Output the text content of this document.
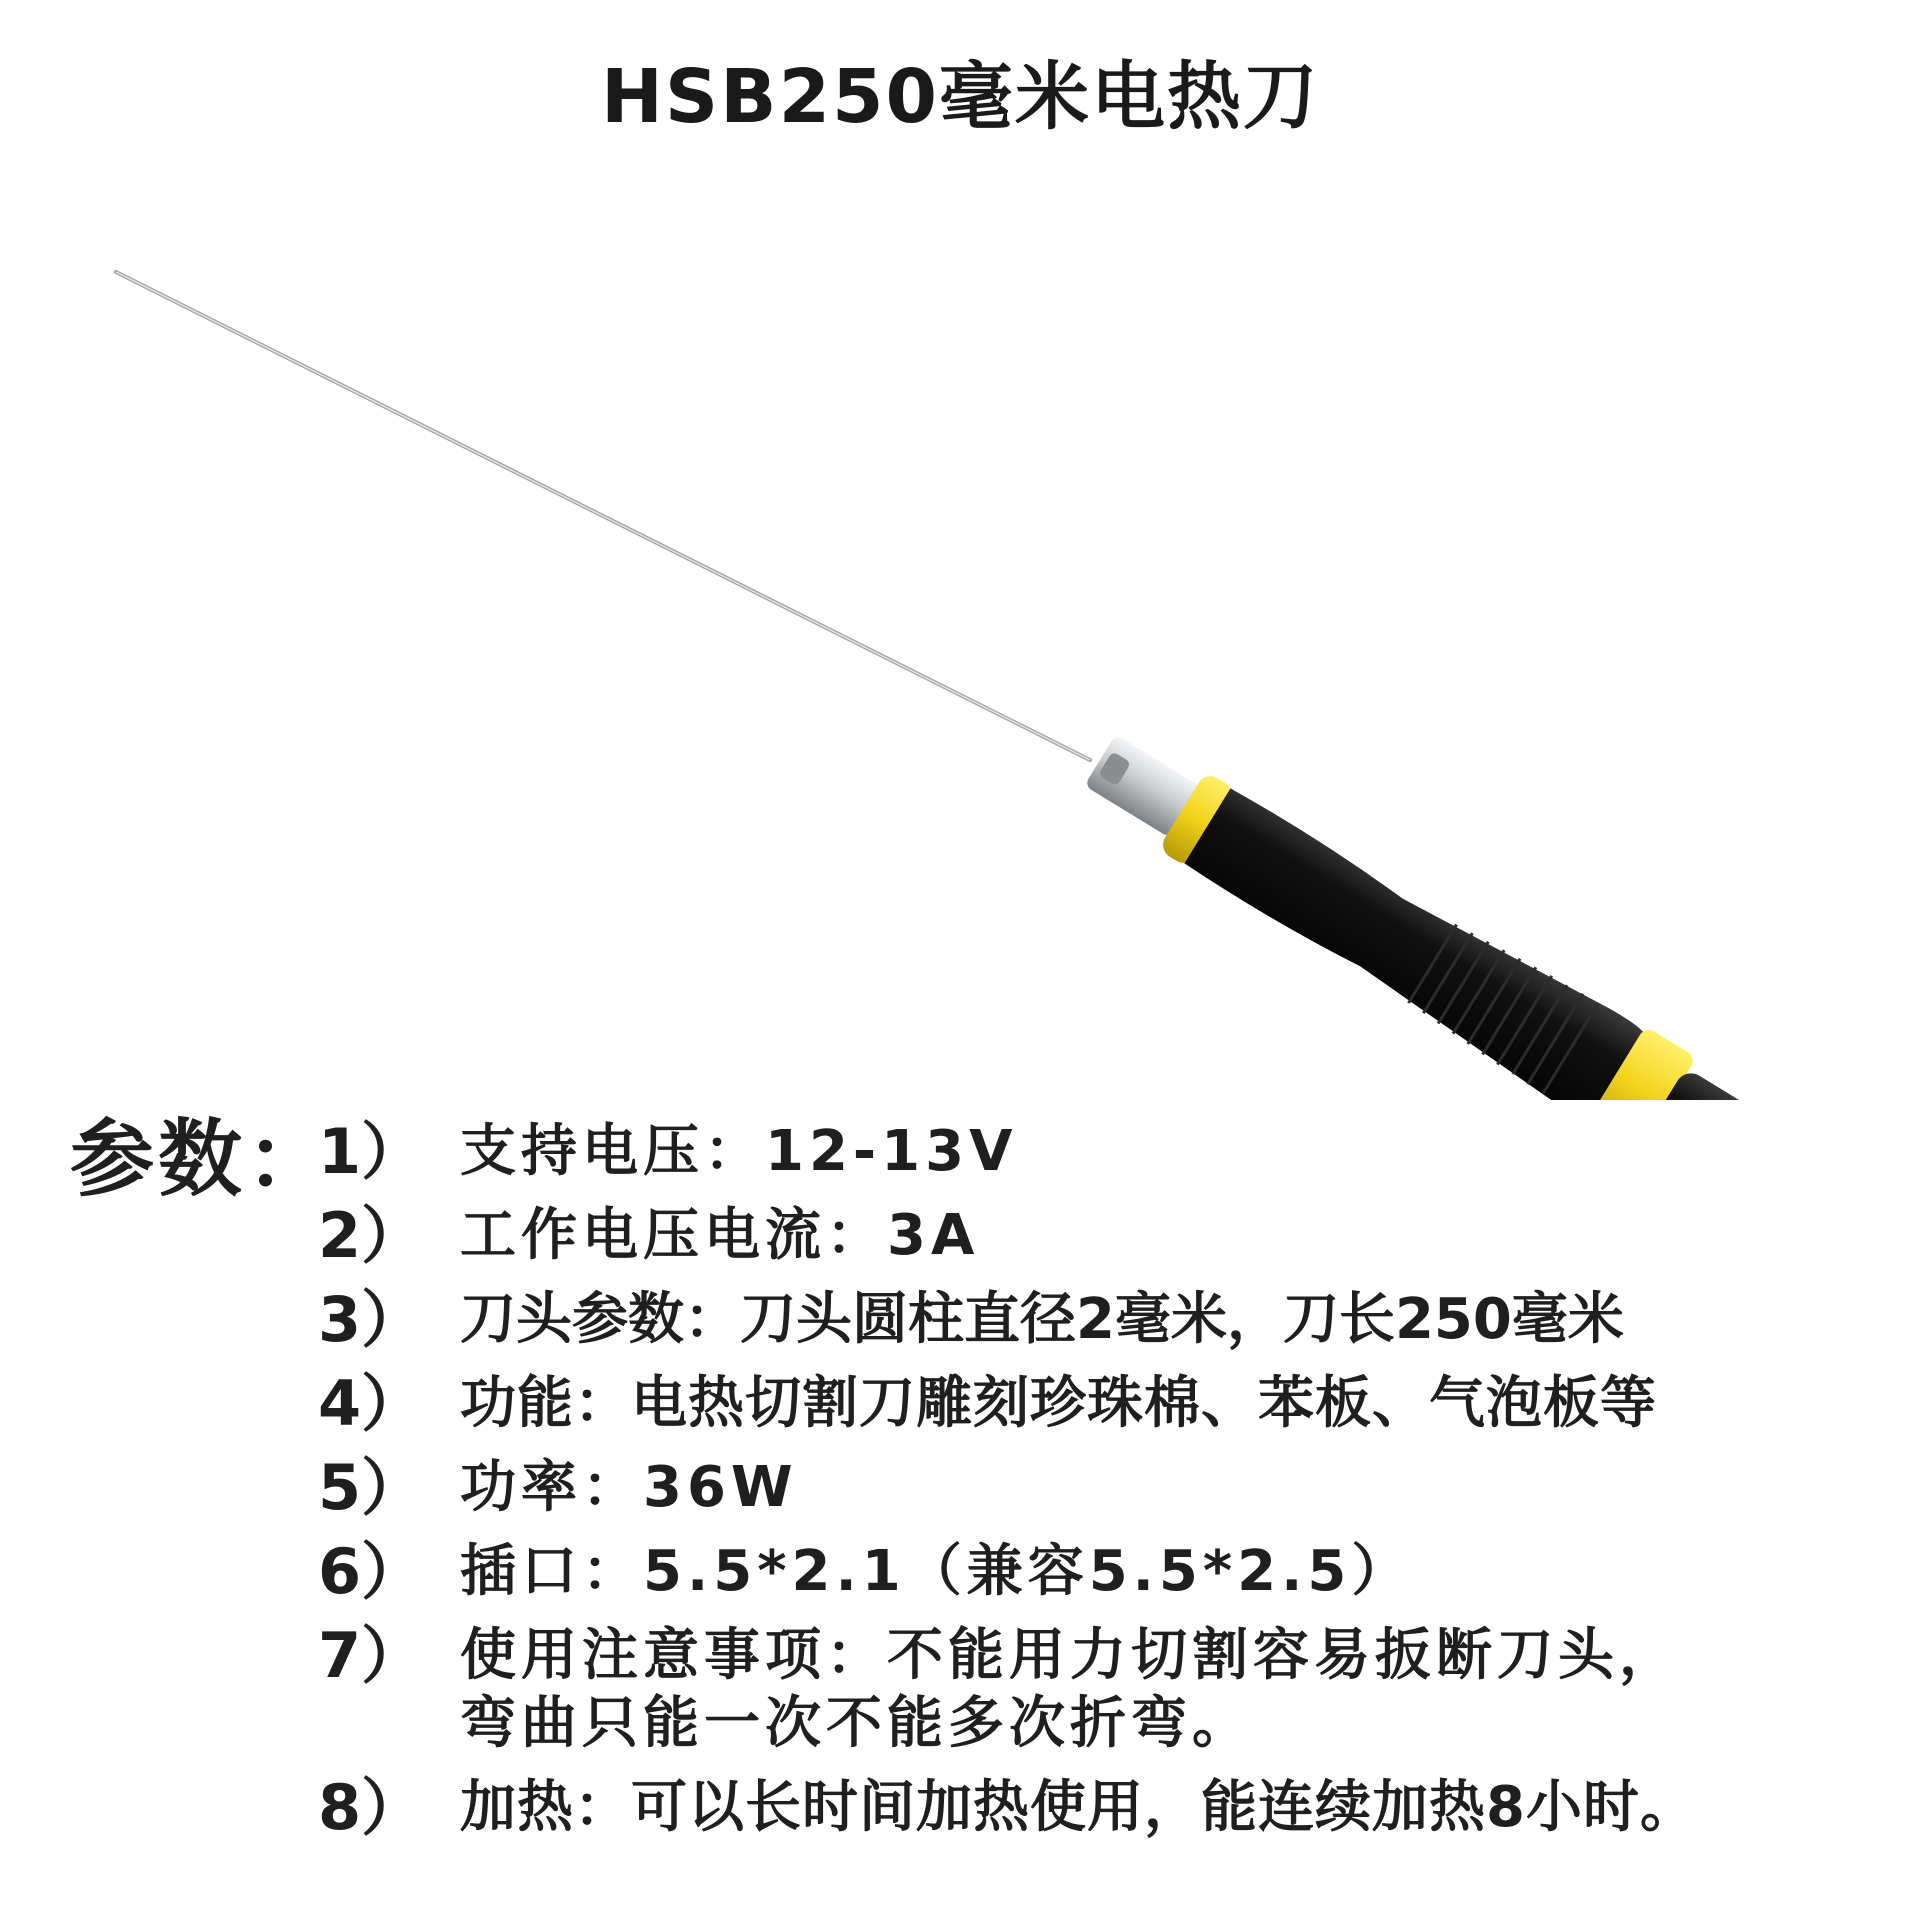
HSB250毫米电热刀
参数：
1） 支持电压：12-13V
2） 工作电压电流：3A
3） 刀头参数：刀头圆柱直径2毫米，刀长250毫米
4） 功能：电热切割刀雕刻珍珠棉、苯板、气泡板等
5） 功率：36W
6） 插口：5.5*2.1（兼容5.5*2.5）
7） 使用注意事项：不能用力切割容易扳断刀头，
弯曲只能一次不能多次折弯。
8） 加热：可以长时间加热使用，能连续加热8小时。
